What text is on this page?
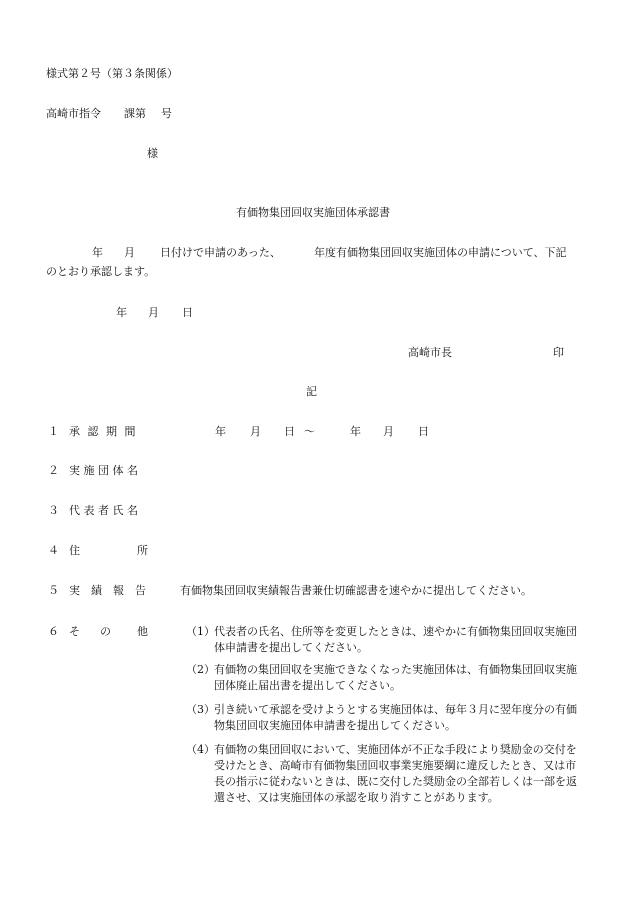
様式第２号（第３条関係）
高崎市指令 課第 号
様
有価物集団回収実施団体承認書
年 月 日付けで申請のあった、	年度有価物集団回収実施団体の申請について、下記
のとおり承認します。
年 月 日
高崎市長	印
記
１ 承 認 期 間	年 月 日 ～	年 月 日
２ 実 施 団 体 名
３ 代 表 者 氏 名
４ 住	所
５ 実　績　報　告	有価物集団回収実績報告書兼仕切確認書を速やかに提出してください。
６ そ の 他	（1） 代表者の氏名、住所等を変更したときは、速やかに有価物集団回収実施団体申請書を提出してください。
（2） 有価物の集団回収を実施できなくなった実施団体は、有価物集団回収実施団体廃止届出書を提出してください。
（3） 引き続いて承認を受けようとする実施団体は、毎年３月に翌年度分の有価物集団回収実施団体申請書を提出してください。
（4） 有価物の集団回収において、実施団体が不正な手段により奨励金の交付を受けたとき、高崎市有価物集団回収事業実施要綱に違反したとき、又は市長の指示に従わないときは、既に交付した奨励金の全部若しくは一部を返還させ、又は実施団体の承認を取り消すことがあります。
